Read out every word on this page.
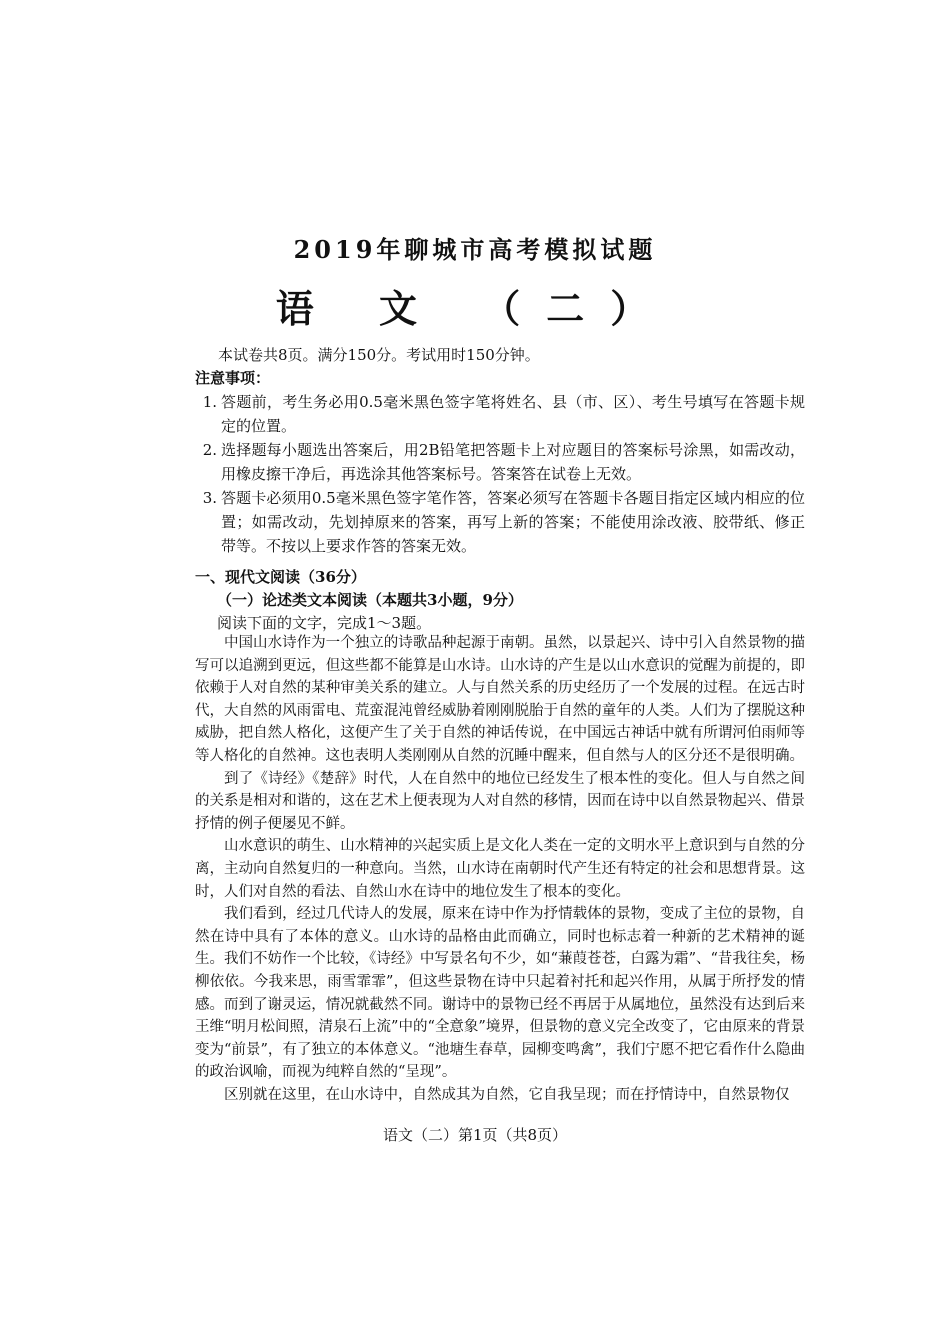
2019年聊城市高考模拟试题
语 文 （二）
本试卷共8页。满分150分。考试用时150分钟。
注意事项：
1. 答题前，考生务必用0.5毫米黑色签字笔将姓名、县（市、区）、考生号填写在答题卡规定的位置。
2. 选择题每小题选出答案后，用2B铅笔把答题卡上对应题目的答案标号涂黑，如需改动，用橡皮擦干净后，再选涂其他答案标号。答案答在试卷上无效。
3. 答题卡必须用0.5毫米黑色签字笔作答，答案必须写在答题卡各题目指定区域内相应的位置；如需改动，先划掉原来的答案，再写上新的答案；不能使用涂改液、胶带纸、修正带等。不按以上要求作答的答案无效。
一、现代文阅读（36分）
（一）论述类文本阅读（本题共3小题，9分）
阅读下面的文字，完成1～3题。

中国山水诗作为一个独立的诗歌品种起源于南朝。虽然，以景起兴、诗中引入自然景物的描写可以追溯到更远，但这些都不能算是山水诗。山水诗的产生是以山水意识的觉醒为前提的，即依赖于人对自然的某种审美关系的建立。人与自然关系的历史经历了一个发展的过程。在远古时代，大自然的风雨雷电、荒蛮混沌曾经威胁着刚刚脱胎于自然的童年的人类。人们为了摆脱这种威胁，把自然人格化，这便产生了关于自然的神话传说，在中国远古神话中就有所谓河伯雨师等等人格化的自然神。这也表明人类刚刚从自然的沉睡中醒来，但自然与人的区分还不是很明确。

到了《诗经》《楚辞》时代，人在自然中的地位已经发生了根本性的变化。但人与自然之间的关系是相对和谐的，这在艺术上便表现为人对自然的移情，因而在诗中以自然景物起兴、借景抒情的例子便屡见不鲜。

山水意识的萌生、山水精神的兴起实质上是文化人类在一定的文明水平上意识到与自然的分离，主动向自然复归的一种意向。当然，山水诗在南朝时代产生还有特定的社会和思想背景。这时，人们对自然的看法、自然山水在诗中的地位发生了根本的变化。

我们看到，经过几代诗人的发展，原来在诗中作为抒情载体的景物，变成了主位的景物，自然在诗中具有了本体的意义。山水诗的品格由此而确立，同时也标志着一种新的艺术精神的诞生。我们不妨作一个比较，《诗经》中写景名句不少，如“蒹葭苍苍，白露为霜”、“昔我往矣，杨柳依依。今我来思，雨雪霏霏”，但这些景物在诗中只起着衬托和起兴作用，从属于所抒发的情感。而到了谢灵运，情况就截然不同。谢诗中的景物已经不再居于从属地位，虽然没有达到后来王维“明月松间照，清泉石上流”中的“全意象”境界，但景物的意义完全改变了，它由原来的背景变为“前景”，有了独立的本体意义。“池塘生春草，园柳变鸣禽”，我们宁愿不把它看作什么隐曲的政治讽喻，而视为纯粹自然的“呈现”。

区别就在这里，在山水诗中，自然成其为自然，它自我呈现；而在抒情诗中，自然景物仅

语文（二）第1页（共8页）
